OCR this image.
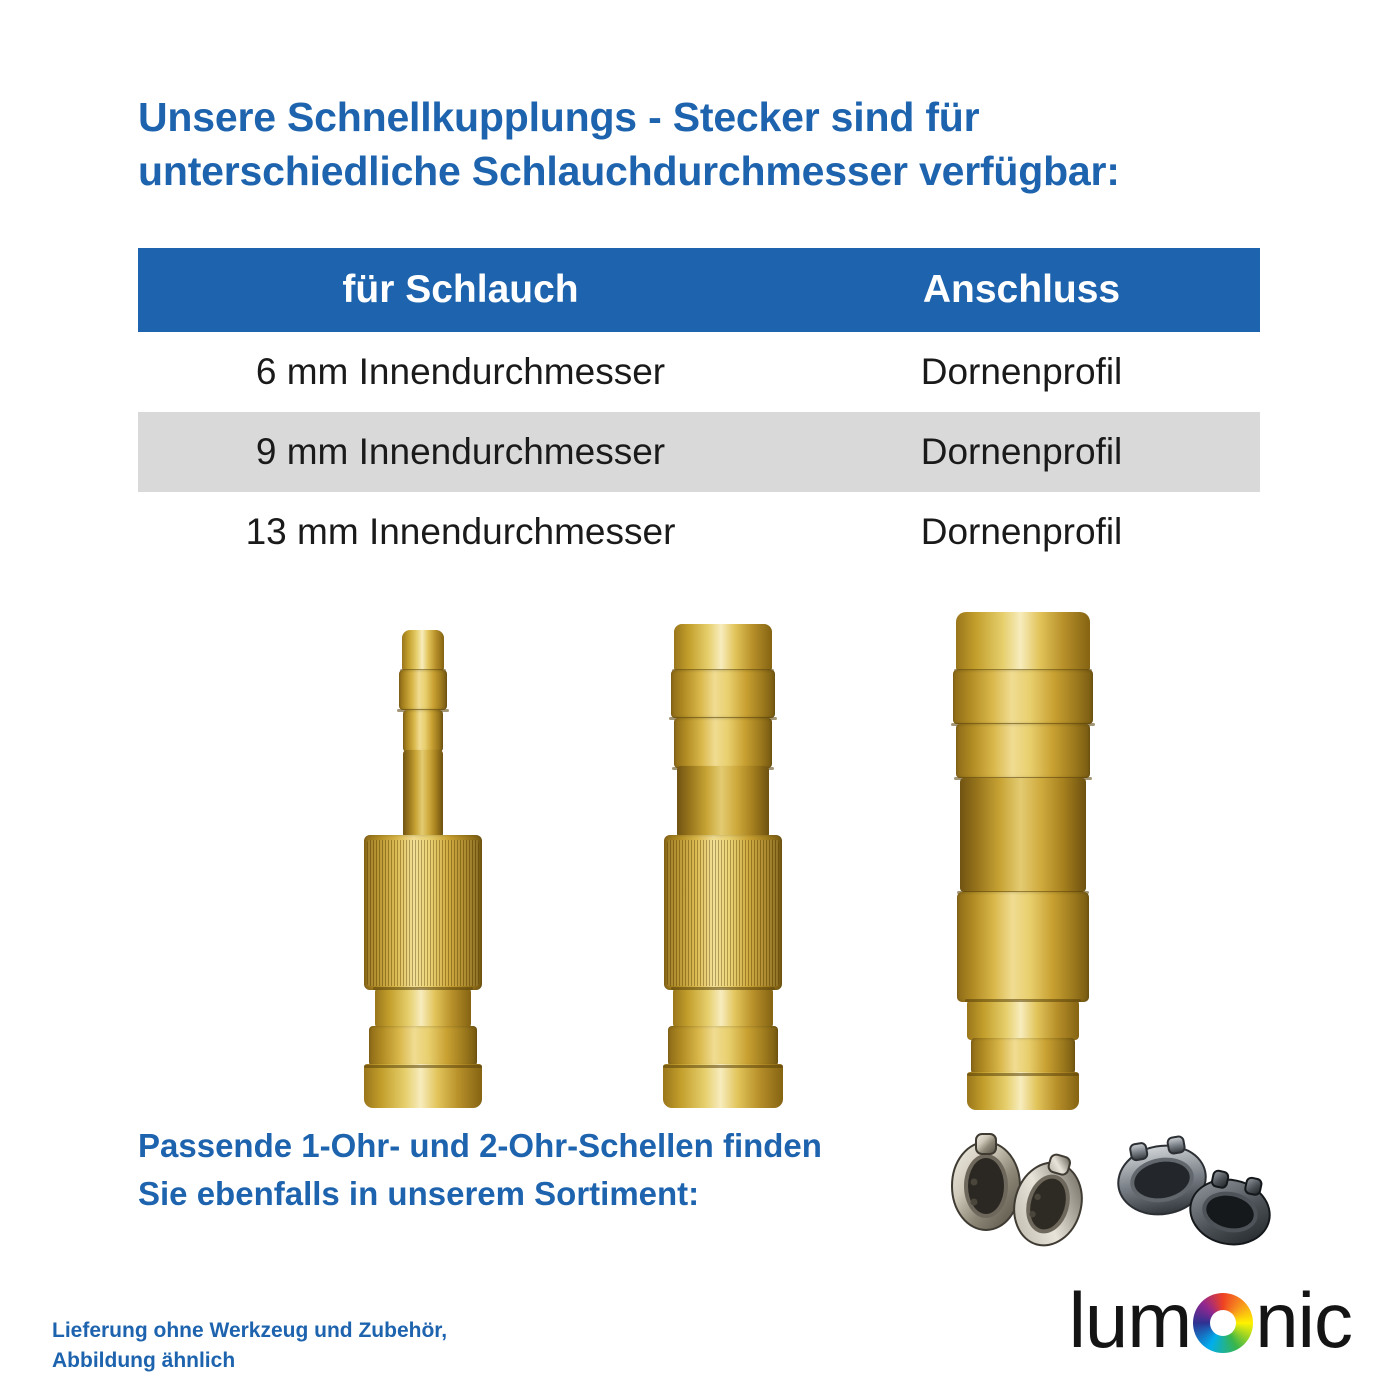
Unsere Schnellkupplungs - Stecker sind für unterschiedliche Schlauchdurchmesser verfügbar:
für Schlauch	Anschluss
6 mm Innendurchmesser	Dornenprofil
9 mm Innendurchmesser	Dornenprofil
13 mm Innendurchmesser	Dornenprofil
Passende 1-Ohr- und 2-Ohr-Schellen finden
Sie ebenfalls in unserem Sortiment:
Lieferung ohne Werkzeug und Zubehör,
Abbildung ähnlich	lum nic
